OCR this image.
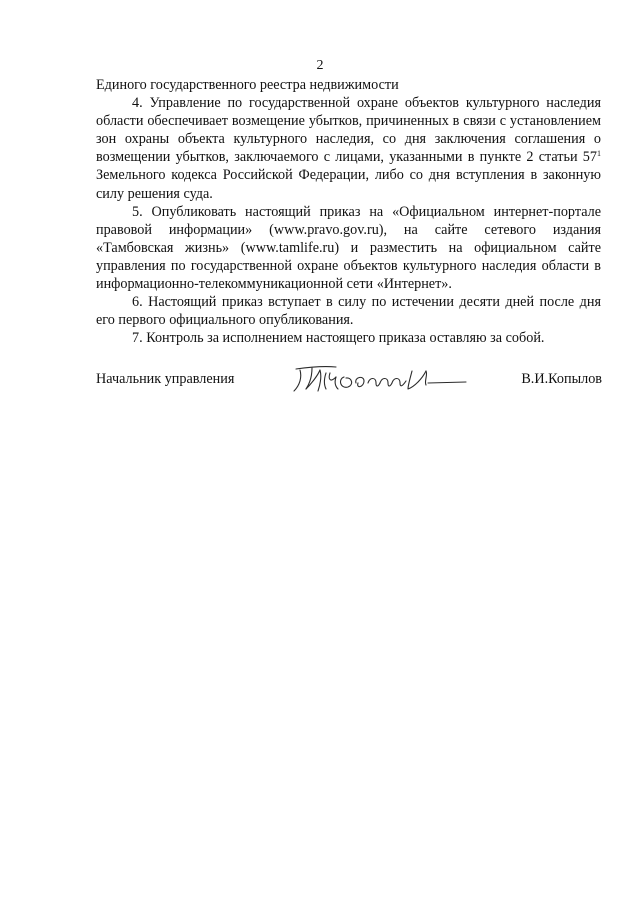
2

Единого государственного реестра недвижимости

4. Управление по государственной охране объектов культурного наследия области обеспечивает возмещение убытков, причиненных в связи с установлением зон охраны объекта культурного наследия, со дня заключения соглашения о возмещении убытков, заключаемого с лицами, указанными в пункте 2 статьи $57^1$ Земельного кодекса Российской Федерации, либо со дня вступления в законную силу решения суда.

5. Опубликовать настоящий приказ на «Официальном интернет-портале правовой информации» (www.pravo.gov.ru), на сайте сетевого издания «Тамбовская жизнь» (www.tamlife.ru) и разместить на официальном сайте управления по государственной охране объектов культурного наследия области в информационно-телекоммуникационной сети «Интернет».

6. Настоящий приказ вступает в силу по истечении десяти дней после дня его первого официального опубликования.

7. Контроль за исполнением настоящего приказа оставляю за собой.

Начальник управления	В.И.Копылов
